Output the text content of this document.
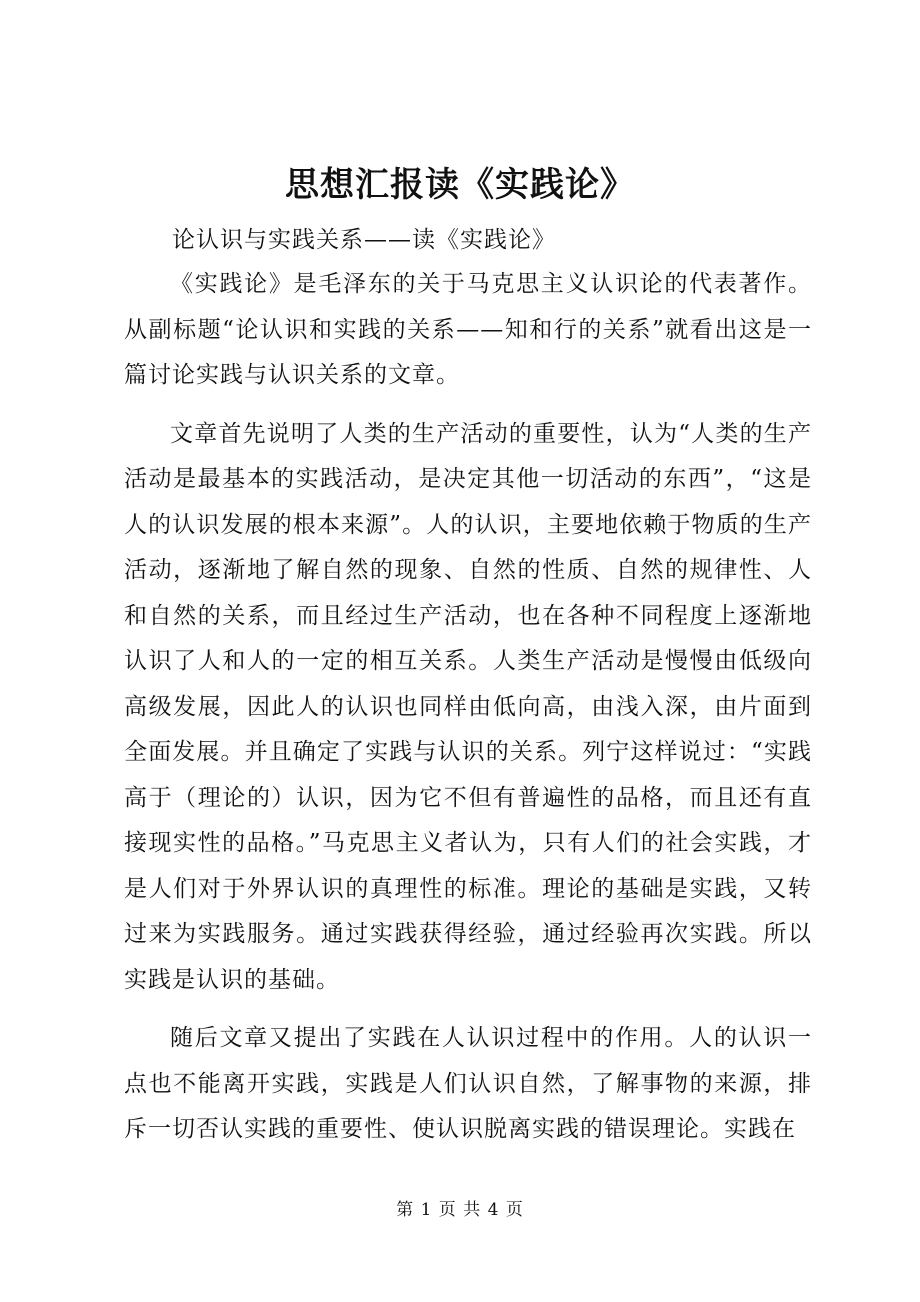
思想汇报读《实践论》
论认识与实践关系——读《实践论》

《实践论》是毛泽东的关于马克思主义认识论的代表著作。从副标题“论认识和实践的关系——知和行的关系”就看出这是一篇讨论实践与认识关系的文章。

文章首先说明了人类的生产活动的重要性，认为“人类的生产活动是最基本的实践活动，是决定其他一切活动的东西”，“这是人的认识发展的根本来源”。人的认识，主要地依赖于物质的生产活动，逐渐地了解自然的现象、自然的性质、自然的规律性、人和自然的关系，而且经过生产活动，也在各种不同程度上逐渐地认识了人和人的一定的相互关系。人类生产活动是慢慢由低级向高级发展，因此人的认识也同样由低向高，由浅入深，由片面到全面发展。并且确定了实践与认识的关系。列宁这样说过：“实践高于（理论的）认识，因为它不但有普遍性的品格，而且还有直接现实性的品格。”马克思主义者认为，只有人们的社会实践，才是人们对于外界认识的真理性的标准。理论的基础是实践，又转过来为实践服务。通过实践获得经验，通过经验再次实践。所以实践是认识的基础。

随后文章又提出了实践在人认识过程中的作用。人的认识一点也不能离开实践，实践是人们认识自然，了解事物的来源，排斥一切否认实践的重要性、使认识脱离实践的错误理论。实践在

第 1 页 共 4 页
